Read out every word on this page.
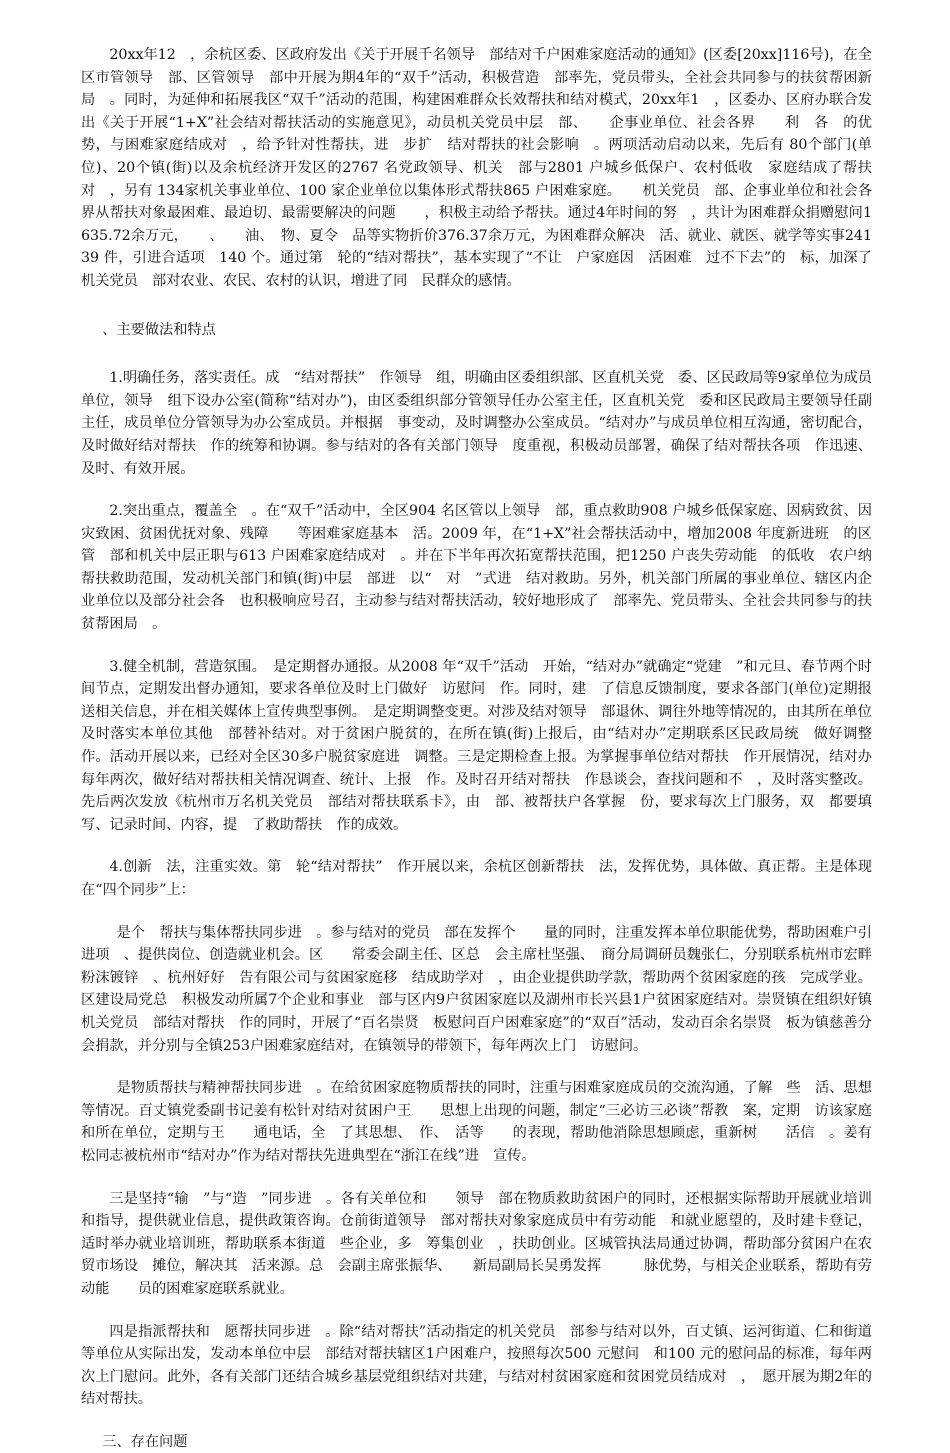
20xx年12　，余杭区委、区政府发出《关于开展千名领导　部结对千户困难家庭活动的通知》(区委[20xx]116号)，在全区市管领导　部、区管领导　部中开展为期4年的“双千”活动，积极营造　部率先，党员带头，全社会共同参与的扶贫帮困新局　。同时，为延伸和拓展我区“双千”活动的范围，构建困难群众长效帮扶和结对模式，20xx年1　，区委办、区府办联合发出《关于开展“1+X”社会结对帮扶活动的实施意见》，动员机关党员中层　部、　　企事业单位、社会各界　　利　各　的优势，与困难家庭结成对　，给予针对性帮扶，进　步扩　结对帮扶的社会影响　。两项活动启动以来，先后有 80个部门(单位)、20个镇(街)以及余杭经济开发区的2767 名党政领导、机关　部与2801 户城乡低保户、农村低收　家庭结成了帮扶对　，另有 134家机关事业单位、100 家企业单位以集体形式帮扶865 户困难家庭。　　机关党员　部、企事业单位和社会各界从帮扶对象最困难、最迫切、最需要解决的问题　　，积极主动给予帮扶。通过4年时间的努　，共计为困难群众捐赠慰问1635.72余万元，　　、　　油、　物、夏令　品等实物折价376.37余万元，为困难群众解决　活、就业、就医、就学等实事24139 件，引进合适项　140 个。通过第　轮的“结对帮扶”，基本实现了“不让　户家庭因　活困难　过不下去”的　标，加深了机关党员　部对农业、农民、农村的认识，增进了同　民群众的感情。

、主要做法和特点

1.明确任务，落实责任。成　“结对帮扶”　作领导　组，明确由区委组织部、区直机关党　委、区民政局等9家单位为成员单位，领导　组下设办公室(简称“结对办”)，由区委组织部分管领导任办公室主任，区直机关党　委和区民政局主要领导任副主任，成员单位分管领导为办公室成员。并根据　事变动，及时调整办公室成员。“结对办”与成员单位相互沟通，密切配合，及时做好结对帮扶　作的统筹和协调。参与结对的各有关部门领导　度重视，积极动员部署，确保了结对帮扶各项　作迅速、及时、有效开展。

2.突出重点，覆盖全　。在“双千”活动中，全区904 名区管以上领导　部，重点救助908 户城乡低保家庭、因病致贫、因灾致困、贫困优抚对象、残障　　等困难家庭基本　活。2009 年，在“1+X”社会帮扶活动中，增加2008 年度新进班　的区管　部和机关中层正职与613 户困难家庭结成对　。并在下半年再次拓宽帮扶范围，把1250 户丧失劳动能　的低收　农户纳　帮扶救助范围，发动机关部门和镇(街)中层　部进　以“　对　”式进　结对救助。另外，机关部门所属的事业单位、辖区内企业单位以及部分社会各　也积极响应号召，主动参与结对帮扶活动，较好地形成了　部率先、党员带头、全社会共同参与的扶贫帮困局　。

3.健全机制，营造氛围。　是定期督办通报。从2008 年“双千”活动　开始，“结对办”就确定“党建　”和元旦、春节两个时间节点，定期发出督办通知，要求各单位及时上门做好　访慰问　作。同时，建　了信息反馈制度，要求各部门(单位)定期报送相关信息，并在相关媒体上宣传典型事例。　是定期调整变更。对涉及结对领导　部退休、调往外地等情况的，由其所在单位及时落实本单位其他　部替补结对。对于贫困户脱贫的，在所在镇(街)上报后，由“结对办”定期联系区民政局统　做好调整　作。活动开展以来，已经对全区30多户脱贫家庭进　调整。三是定期检查上报。为掌握事单位结对帮扶　作开展情况，结对办每年两次，做好结对帮扶相关情况调查、统计、上报　作。及时召开结对帮扶　作恳谈会，查找问题和不　，及时落实整改。先后两次发放《杭州市万名机关党员　部结对帮扶联系卡》，由　部、被帮扶户各掌握　份，要求每次上门服务，双　都要填写、记录时间、内容，提　了救助帮扶　作的成效。

4.创新　法，注重实效。第　轮“结对帮扶”　作开展以来，余杭区创新帮扶　法，发挥优势，具体做、真正帮。主是体现在“四个同步”上：

是个　帮扶与集体帮扶同步进　。参与结对的党员　部在发挥个　　量的同时，注重发挥本单位职能优势，帮助困难户引进项　、提供岗位、创造就业机会。区　　常委会副主任、区总　会主席杜坚强、　商分局调研员魏张仁，分别联系杭州市宏畔粉沫镀锌　、杭州好好　告有限公司与贫困家庭移　结成助学对　，由企业提供助学款，帮助两个贫困家庭的孩　完成学业。区建设局党总　积极发动所属7个企业和事业　部与区内9户贫困家庭以及湖州市长兴县1户贫困家庭结对。崇贤镇在组织好镇机关党员　部结对帮扶　作的同时，开展了“百名崇贤　板慰问百户困难家庭”的“双百”活动，发动百余名崇贤　板为镇慈善分会捐款，并分别与全镇253户困难家庭结对，在镇领导的带领下，每年两次上门　访慰问。

是物质帮扶与精神帮扶同步进　。在给贫困家庭物质帮扶的同时，注重与困难家庭成员的交流沟通，了解　些　活、思想等情况。百丈镇党委副书记姜有松针对结对贫困户王　　思想上出现的问题，制定“三必访三必谈”帮教　案，定期　访该家庭和所在单位，定期与王　　通电话，全　了其思想、　作、　活等　　的表现，帮助他消除思想顾虑，重新树　　活信　。姜有松同志被杭州市“结对办”作为结对帮扶先进典型在“浙江在线”进　宣传。

三是坚持“输　”与“造　”同步进　。各有关单位和　　领导　部在物质救助贫困户的同时，还根据实际帮助开展就业培训和指导，提供就业信息，提供政策咨询。仓前街道领导　部对帮扶对象家庭成员中有劳动能　和就业愿望的，及时建卡登记，适时举办就业培训班，帮助联系本街道　些企业，多　筹集创业　，扶助创业。区城管执法局通过协调，帮助部分贫困户在农贸市场设　摊位，解决其　活来源。总　会副主席张振华、　　新局副局长吴勇发挥　　　脉优势，与相关企业联系，帮助有劳动能　　员的困难家庭联系就业。

四是指派帮扶和　愿帮扶同步进　。除“结对帮扶”活动指定的机关党员　部参与结对以外，百丈镇、运河街道、仁和街道等单位从实际出发，发动本单位中层　部结对帮扶辖区1户困难户，按照每次500 元慰问　和100 元的慰问品的标准，每年两次上门慰问。此外，各有关部门还结合城乡基层党组织结对共建，与结对村贫困家庭和贫困党员结成对　，　愿开展为期2年的结对帮扶。

三、存在问题
